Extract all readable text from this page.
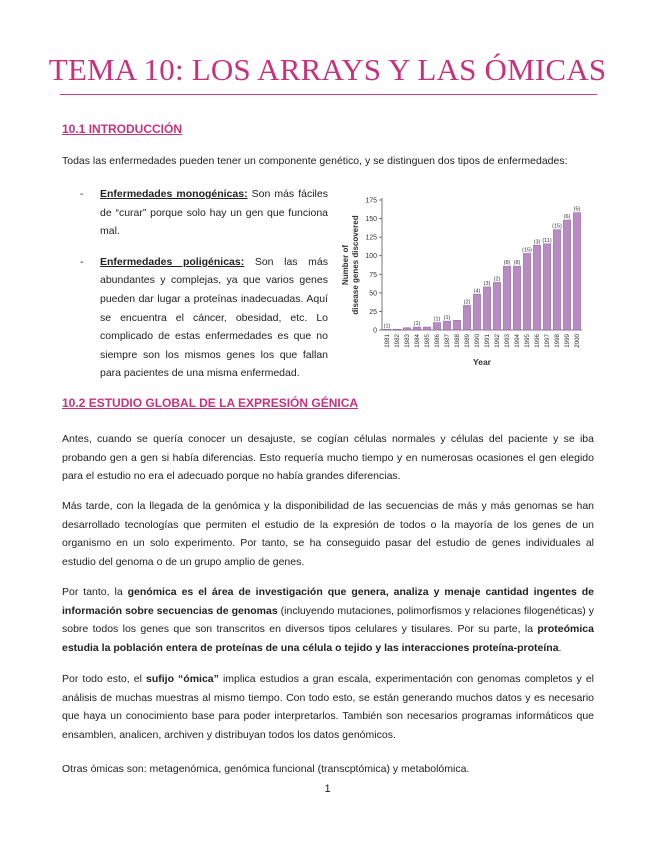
TEMA 10: LOS ARRAYS Y LAS ÓMICAS
10.1 INTRODUCCIÓN

Todas las enfermedades pueden tener un componente genético, y se distinguen dos tipos de enfermedades:

- Enfermedades monogénicas: Son más fáciles de “curar” porque solo hay un gen que funciona mal.
- Enfermedades poligénicas: Son las más abundantes y complejas, ya que varios genes pueden dar lugar a proteínas inadecuadas. Aquí se encuentra el cáncer, obesidad, etc. Lo complicado de estas enfermedades es que no siempre son los mismos genes los que fallan para pacientes de una misma enfermedad.
0
25
50
75
100
125
150
175
(1)
1981 1982 1983
(1)
1984 1985
(1)
1986
(1)
1987 1988
(2)
1989
(4)
1990
(3)
1991
(2)
1992
(8)
1993
(8)
1994
(15)
1995
(3)
1996
(11)
1997
(15)
1998
(6)
1999
(5)
2000
Year
Number of disease genes discovered
10.2 ESTUDIO GLOBAL DE LA EXPRESIÓN GÉNICA

Antes, cuando se quería conocer un desajuste, se cogían células normales y células del paciente y se iba probando gen a gen si había diferencias. Esto requería mucho tiempo y en numerosas ocasiones el gen elegido para el estudio no era el adecuado porque no había grandes diferencias.

Más tarde, con la llegada de la genómica y la disponibilidad de las secuencias de más y más genomas se han desarrollado tecnologías que permiten el estudio de la expresión de todos o la mayoría de los genes de un organismo en un solo experimento. Por tanto, se ha conseguido pasar del estudio de genes individuales al estudio del genoma o de un grupo amplio de genes.

Por tanto, la genómica es el área de investigación que genera, analiza y menaje cantidad ingentes de información sobre secuencias de genomas (incluyendo mutaciones, polimorfismos y relaciones filogenéticas) y sobre todos los genes que son transcritos en diversos tipos celulares y tisulares. Por su parte, la proteómica estudia la población entera de proteínas de una célula o tejido y las interacciones proteína-proteína.

Por todo esto, el sufijo “ómica” implica estudios a gran escala, experimentación con genomas completos y el análisis de muchas muestras al mismo tiempo. Con todo esto, se están generando muchos datos y es necesario que haya un conocimiento base para poder interpretarlos. También son necesarios programas informáticos que ensamblen, analicen, archiven y distribuyan todos los datos genómicos.

Otras ómicas son: metagenómica, genómica funcional (transcptómica) y metabolómica.

1
